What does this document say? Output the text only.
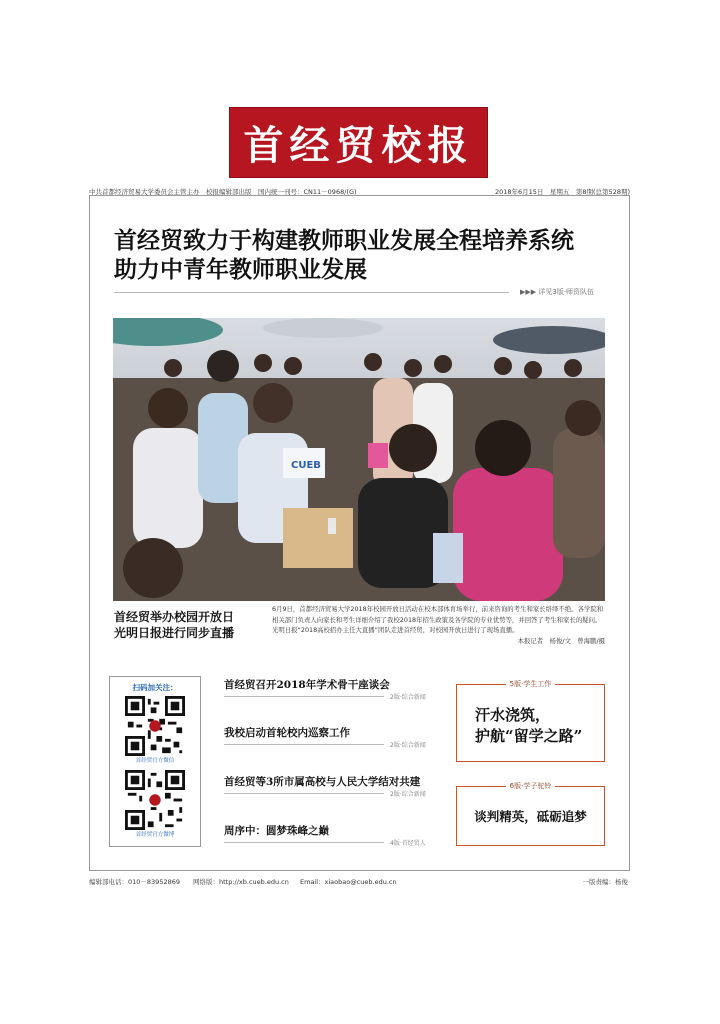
首经贸校报
中共首都经济贸易大学委员会主管主办　校报编辑部出版　国内统一刊号：CN11－0968/(G)	2018年6月15日　星期五　第8期(总第528期)
首经贸致力于构建教师职业发展全程培养系统
助力中青年教师职业发展
▶▶▶ 详见3版·师资队伍
CUEB
首经贸举办校园开放日
光明日报进行同步直播
6月9日，首都经济贸易大学2018年校园开放日活动在校本部体育场举行，前来咨询的考生和家长络绎不绝。各学院和相关部门负责人向家长和考生详细介绍了我校2018年招生政策及各学院的专业优势等，并回答了考生和家长的疑问。光明日报“2018高校招办主任大直播”团队走进首经贸，对校园开放日进行了现场直播。
本报记者　杨俊/文　曾海鹏/摄
扫码加关注：
首经贸官方微信
首经贸官方微博
首经贸召开2018年学术骨干座谈会
2版·综合新闻
我校启动首轮校内巡察工作
2版·综合新闻
首经贸等3所市属高校与人民大学结对共建
2版·综合新闻
周序中：圆梦珠峰之巅
4版·首经贸人
5版·学生工作
汗水浇筑，
护航“留学之路”
6版·学子驼铃
谈判精英，砥砺追梦
编辑部电话：010－83952869 网络版：http://xb.cueb.edu.cn Email：xiaobao@cueb.edu.cn	一版责编：杨俊
